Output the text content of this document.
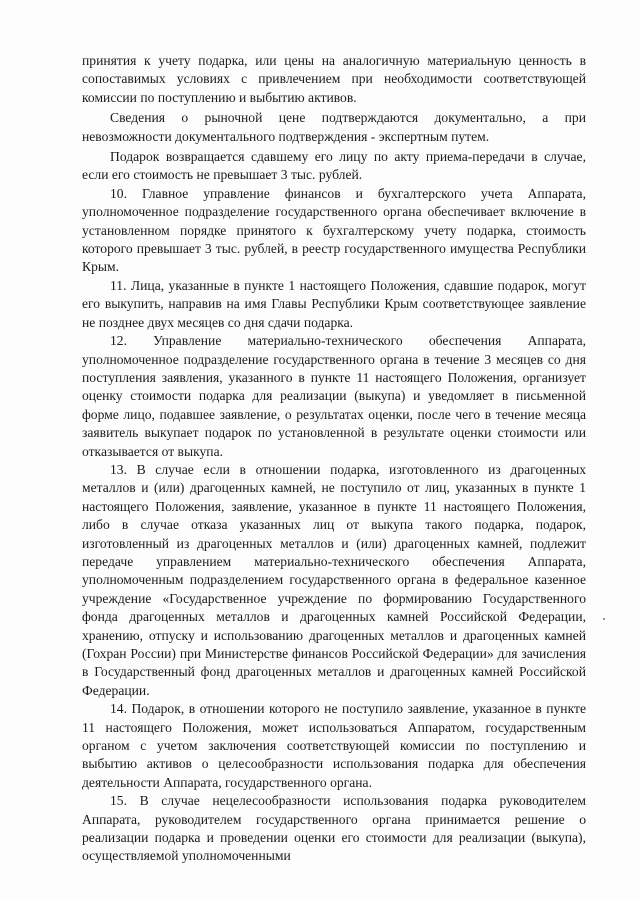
принятия к учету подарка, или цены на аналогичную материальную ценность в сопоставимых условиях с привлечением при необходимости соответствующей комиссии по поступлению и выбытию активов.

Сведения о рыночной цене подтверждаются документально, а при невозможности документального подтверждения - экспертным путем.

Подарок возвращается сдавшему его лицу по акту приема-передачи в случае, если его стоимость не превышает 3 тыс. рублей.

10. Главное управление финансов и бухгалтерского учета Аппарата, уполномоченное подразделение государственного органа обеспечивает включение в установленном порядке принятого к бухгалтерскому учету подарка, стоимость которого превышает 3 тыс. рублей, в реестр государственного имущества Республики Крым.

11. Лица, указанные в пункте 1 настоящего Положения, сдавшие подарок, могут его выкупить, направив на имя Главы Республики Крым соответствующее заявление не позднее двух месяцев со дня сдачи подарка.

12. Управление материально-технического обеспечения Аппарата, уполномоченное подразделение государственного органа в течение 3 месяцев со дня поступления заявления, указанного в пункте 11 настоящего Положения, организует оценку стоимости подарка для реализации (выкупа) и уведомляет в письменной форме лицо, подавшее заявление, о результатах оценки, после чего в течение месяца заявитель выкупает подарок по установленной в результате оценки стоимости или отказывается от выкупа.

13. В случае если в отношении подарка, изготовленного из драгоценных металлов и (или) драгоценных камней, не поступило от лиц, указанных в пункте 1 настоящего Положения, заявление, указанное в пункте 11 настоящего Положения, либо в случае отказа указанных лиц от выкупа такого подарка, подарок, изготовленный из драгоценных металлов и (или) драгоценных камней, подлежит передаче управлением материально-технического обеспечения Аппарата, уполномоченным подразделением государственного органа в федеральное казенное учреждение «Государственное учреждение по формированию Государственного фонда драгоценных металлов и драгоценных камней Российской Федерации, хранению, отпуску и использованию драгоценных металлов и драгоценных камней (Гохран России) при Министерстве финансов Российской Федерации» для зачисления в Государственный фонд драгоценных металлов и драгоценных камней Российской Федерации.

14. Подарок, в отношении которого не поступило заявление, указанное в пункте 11 настоящего Положения, может использоваться Аппаратом, государственным органом с учетом заключения соответствующей комиссии по поступлению и выбытию активов о целесообразности использования подарка для обеспечения деятельности Аппарата, государственного органа.

15. В случае нецелесообразности использования подарка руководителем Аппарата, руководителем государственного органа принимается решение о реализации подарка и проведении оценки его стоимости для реализации (выкупа), осуществляемой уполномоченными
